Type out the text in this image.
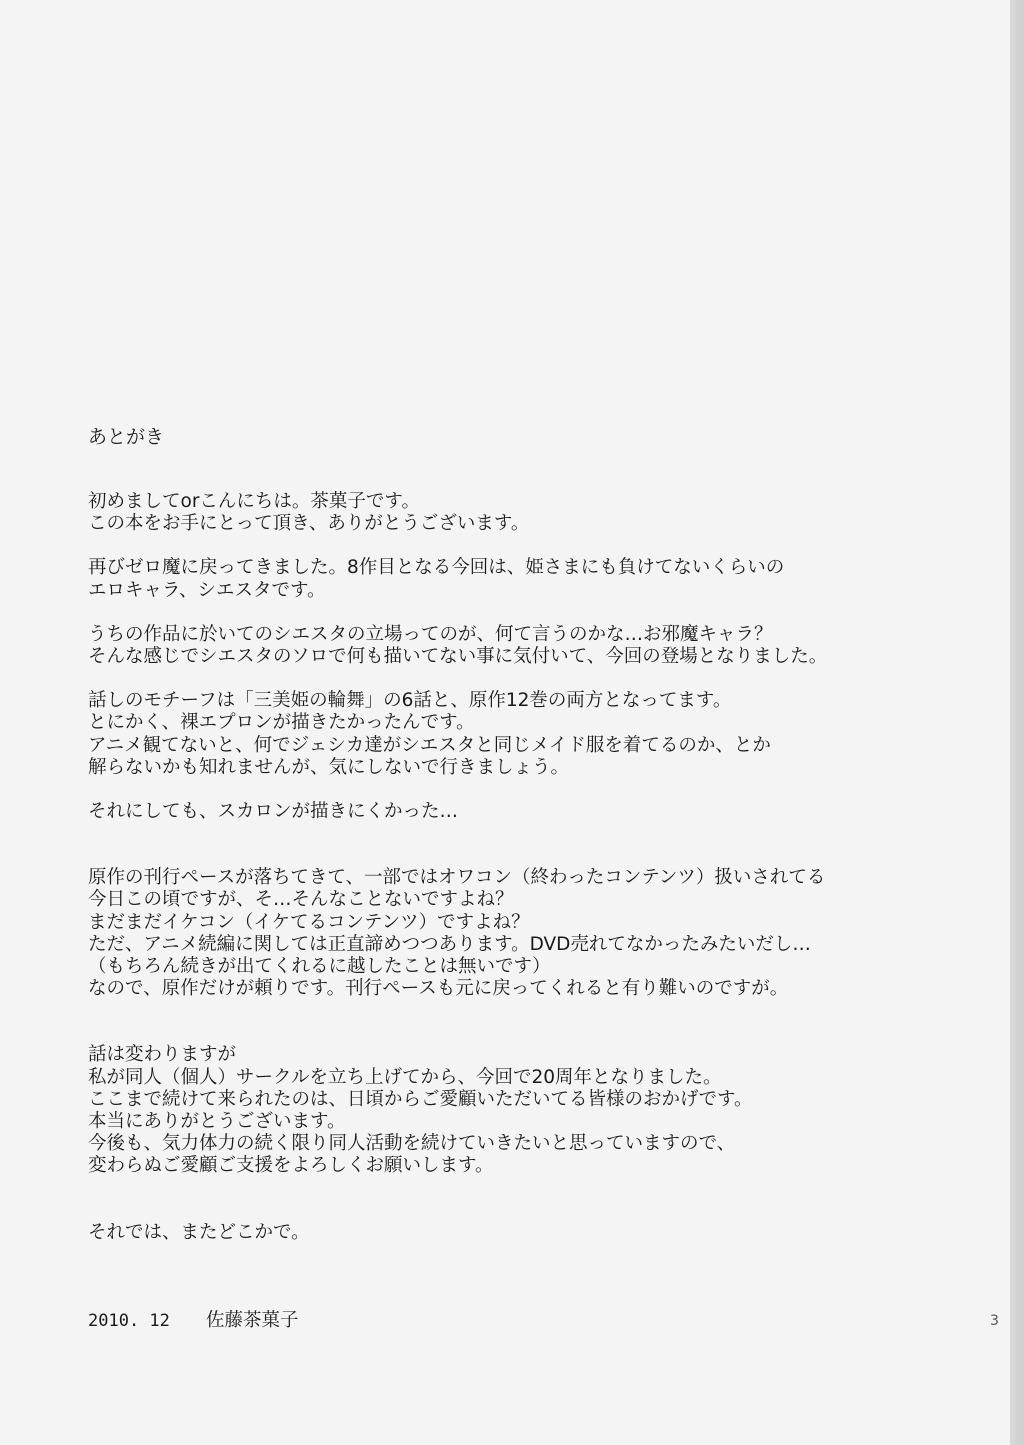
あとがき

初めましてorこんにちは。茶菓子です。

この本をお手にとって頂き、ありがとうございます。

再びゼロ魔に戻ってきました。8作目となる今回は、姫さまにも負けてないくらいの

エロキャラ、シエスタです。

うちの作品に於いてのシエスタの立場ってのが、何て言うのかな…お邪魔キャラ？

そんな感じでシエスタのソロで何も描いてない事に気付いて、今回の登場となりました。

話しのモチーフは「三美姫の輪舞」の6話と、原作12巻の両方となってます。

とにかく、裸エプロンが描きたかったんです。

アニメ観てないと、何でジェシカ達がシエスタと同じメイド服を着てるのか、とか

解らないかも知れませんが、気にしないで行きましょう。

それにしても、スカロンが描きにくかった…

原作の刊行ペースが落ちてきて、一部ではオワコン（終わったコンテンツ）扱いされてる

今日この頃ですが、そ…そんなことないですよね？

まだまだイケコン（イケてるコンテンツ）ですよね？

ただ、アニメ続編に関しては正直諦めつつあります。DVD売れてなかったみたいだし…

（もちろん続きが出てくれるに越したことは無いです）

なので、原作だけが頼りです。刊行ペースも元に戻ってくれると有り難いのですが。

話は変わりますが

私が同人（個人）サークルを立ち上げてから、今回で20周年となりました。

ここまで続けて来られたのは、日頃からご愛顧いただいてる皆様のおかげです。

本当にありがとうございます。

今後も、気力体力の続く限り同人活動を続けていきたいと思っていますので、

変わらぬご愛顧ご支援をよろしくお願いします。

それでは、またどこかで。

2010. 12 佐藤茶菓子	3
